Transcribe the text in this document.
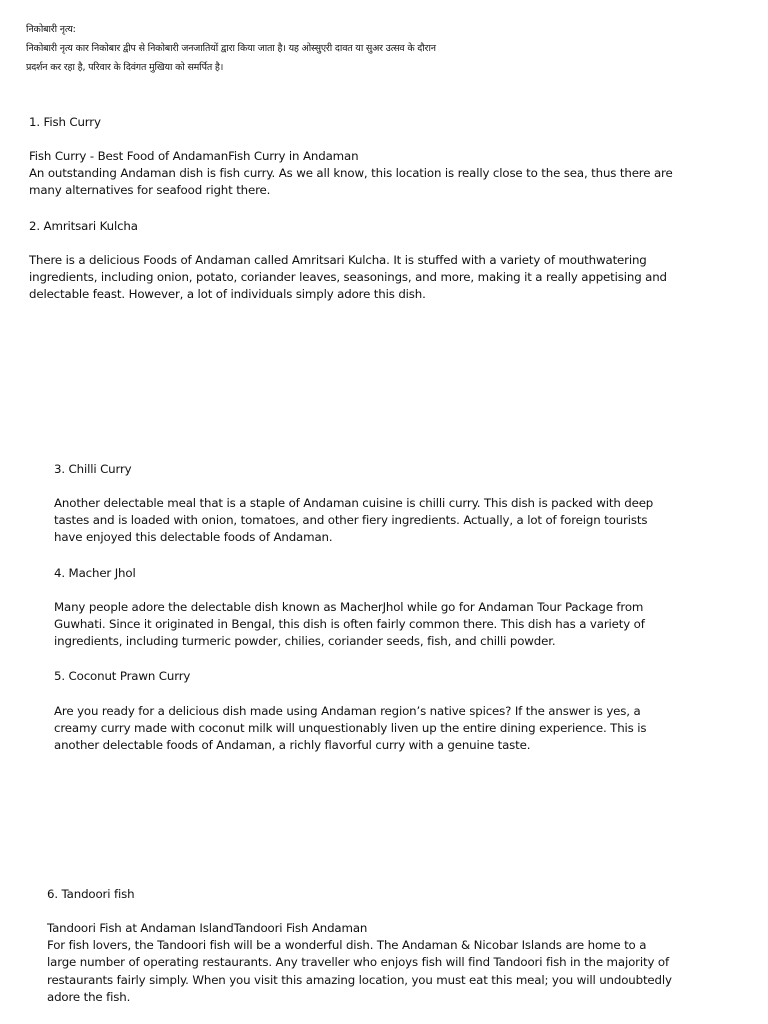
निकोबारी नृत्य:
निकोबारी नृत्य कार निकोबार द्वीप से निकोबारी जनजातियों द्वारा किया जाता है। यह ओस्सुएरी दावत या सुअर उत्सव के दौरान
प्रदर्शन कर रहा है, परिवार के दिवंगत मुखिया को समर्पित है।
1. Fish Curry
Fish Curry - Best Food of AndamanFish Curry in Andaman
An outstanding Andaman dish is fish curry. As we all know, this location is really close to the sea, thus there are many alternatives for seafood right there.
2. Amritsari Kulcha
There is a delicious Foods of Andaman called Amritsari Kulcha. It is stuffed with a variety of mouthwatering ingredients, including onion, potato, coriander leaves, seasonings, and more, making it a really appetising and delectable feast. However, a lot of individuals simply adore this dish.
3. Chilli Curry
Another delectable meal that is a staple of Andaman cuisine is chilli curry. This dish is packed with deep tastes and is loaded with onion, tomatoes, and other fiery ingredients. Actually, a lot of foreign tourists have enjoyed this delectable foods of Andaman.
4. Macher Jhol
Many people adore the delectable dish known as MacherJhol while go for Andaman Tour Package from Guwhati. Since it originated in Bengal, this dish is often fairly common there. This dish has a variety of ingredients, including turmeric powder, chilies, coriander seeds, fish, and chilli powder.
5. Coconut Prawn Curry
Are you ready for a delicious dish made using Andaman region’s native spices? If the answer is yes, a creamy curry made with coconut milk will unquestionably liven up the entire dining experience. This is another delectable foods of Andaman, a richly flavorful curry with a genuine taste.
6. Tandoori fish
Tandoori Fish at Andaman IslandTandoori Fish Andaman
For fish lovers, the Tandoori fish will be a wonderful dish. The Andaman & Nicobar Islands are home to a large number of operating restaurants. Any traveller who enjoys fish will find Tandoori fish in the majority of restaurants fairly simply. When you visit this amazing location, you must eat this meal; you will undoubtedly adore the fish.
